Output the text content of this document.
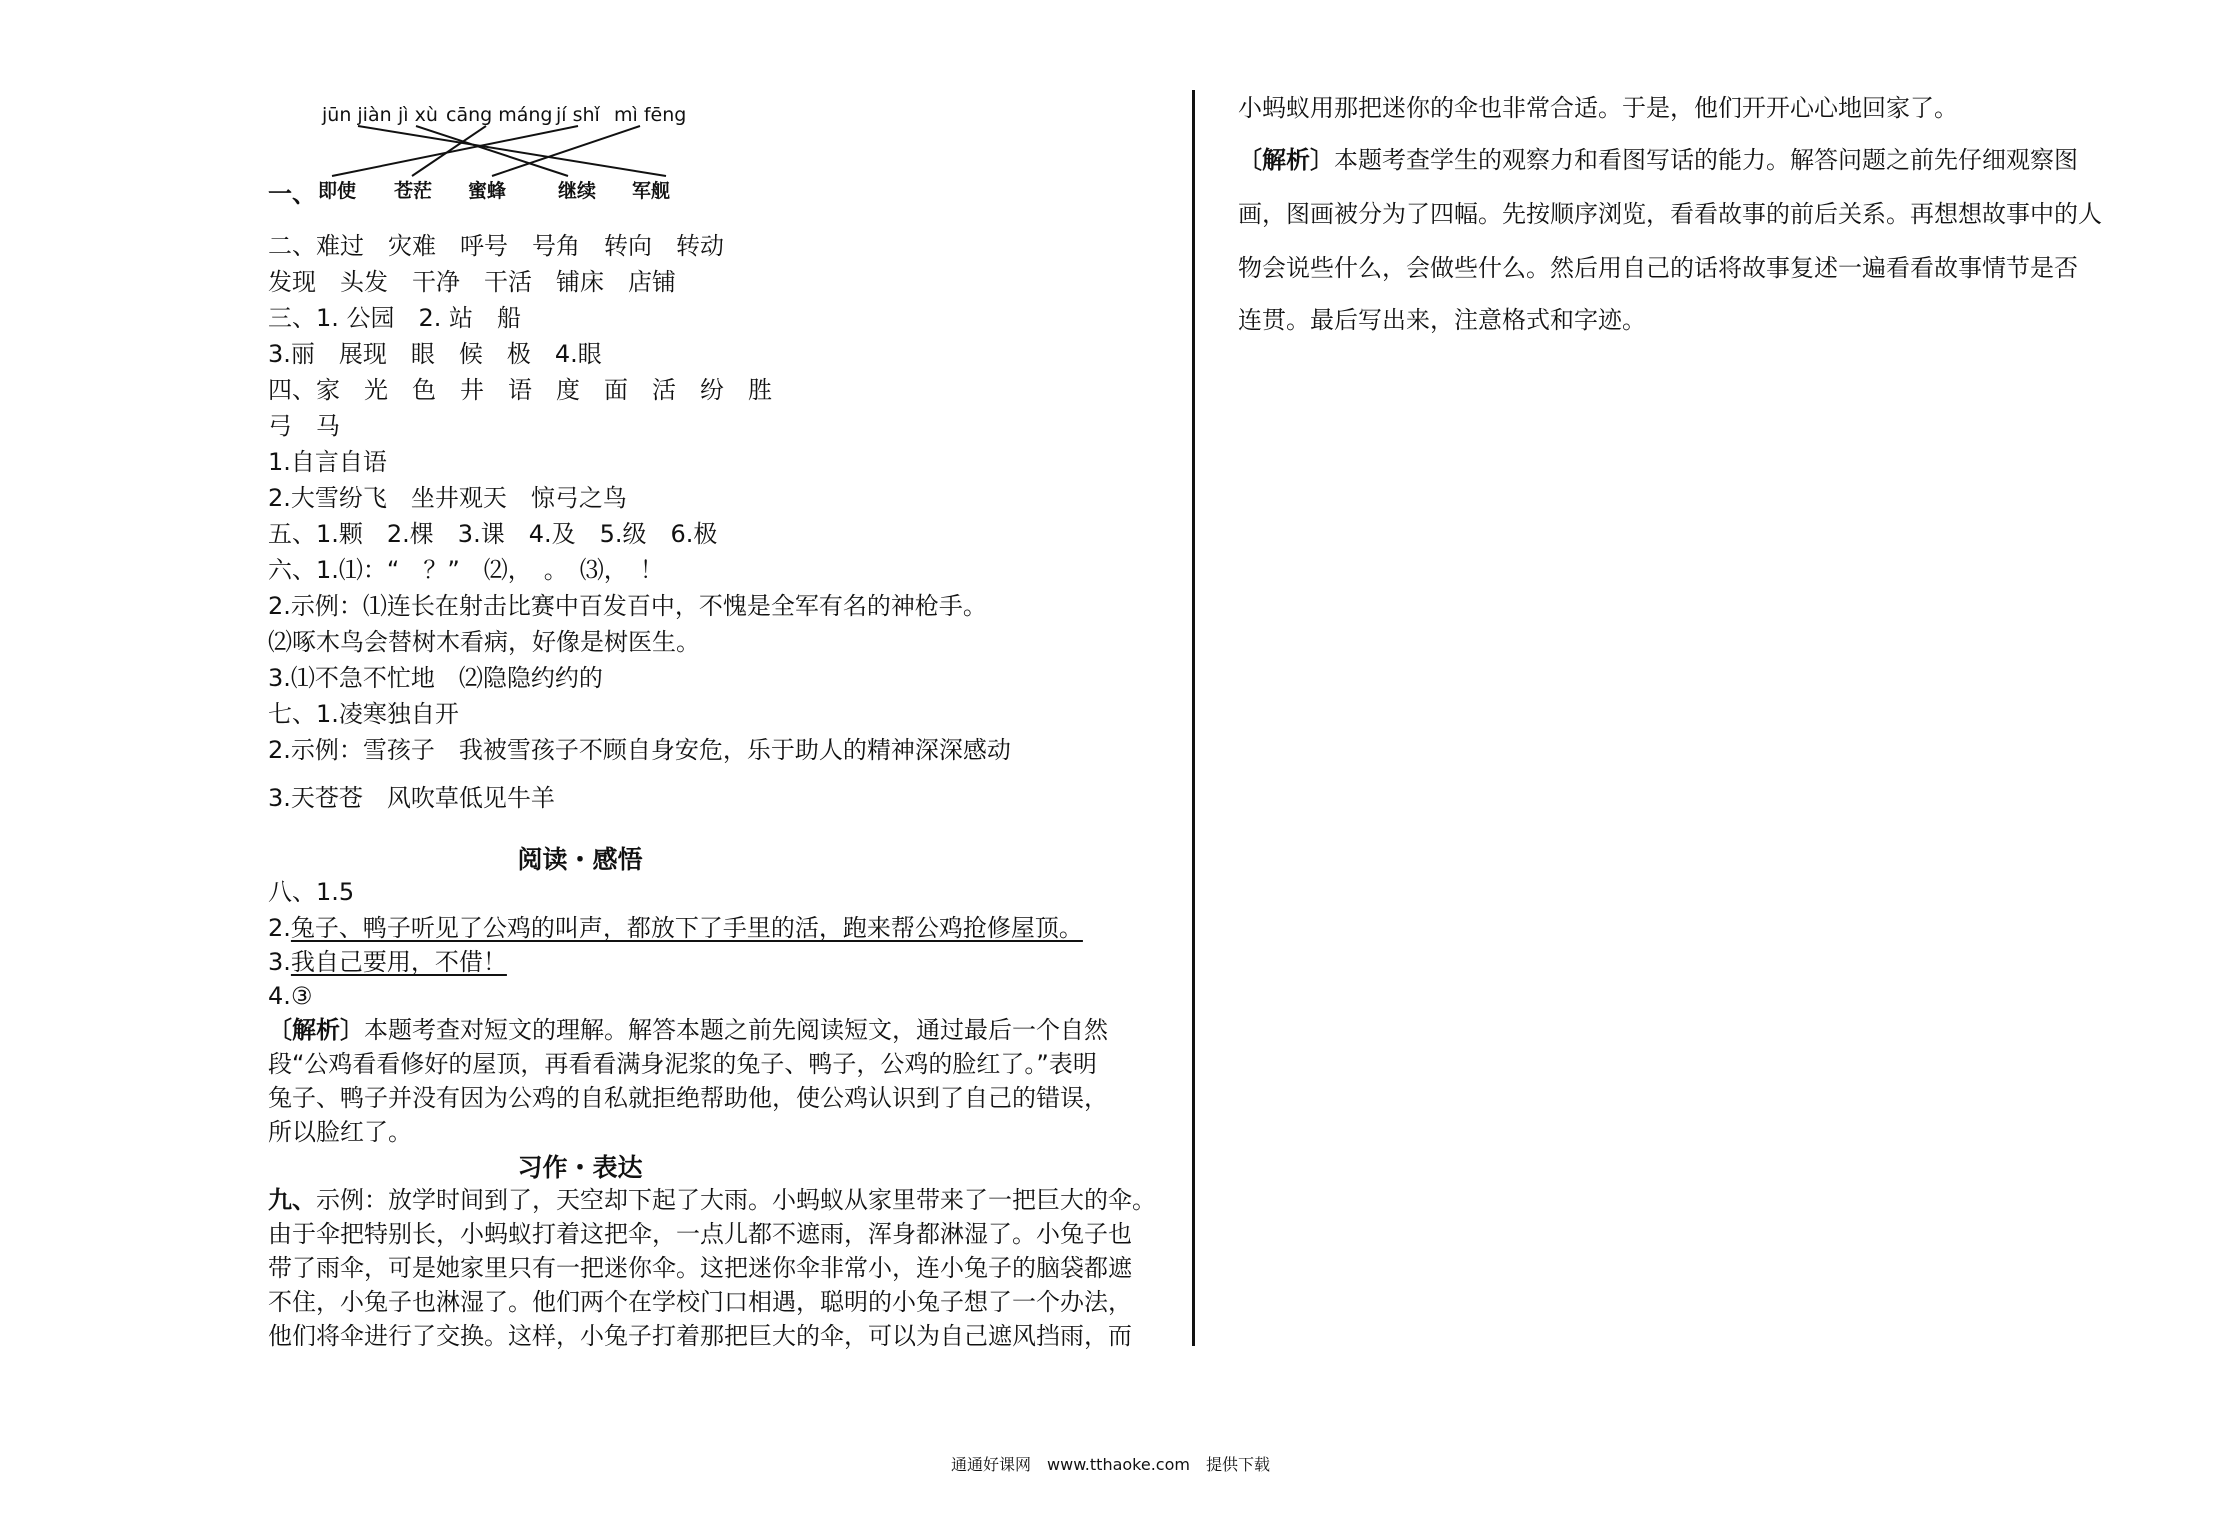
jūn jiàn jì xù cāng máng jí shǐ mì fēng
一、 即使 苍茫 蜜蜂	继续 军舰
二、难过　灾难　呼号　号角　转向　转动
发现　头发　干净　干活　铺床　店铺
三、1. 公园　2. 站　船
3.丽　展现　眼　候　极　4.眼
四、家　光　色　井　语　度　面　活　纷　胜
弓　马
1.自言自语
2.大雪纷飞　坐井观天　惊弓之鸟
五、1.颗　2.棵　3.课　4.及　5.级　6.极
六、1.⑴：“　？”　⑵，　。　⑶，　！
2.示例：⑴连长在射击比赛中百发百中，不愧是全军有名的神枪手。
⑵啄木鸟会替树木看病，好像是树医生。
3.⑴不急不忙地　⑵隐隐约约的
七、1.凌寒独自开
2.示例：雪孩子　我被雪孩子不顾自身安危，乐于助人的精神深深感动
3.天苍苍　风吹草低见牛羊
阅读・感悟
八、1.5
2.兔子、鸭子听见了公鸡的叫声，都放下了手里的活，跑来帮公鸡抢修屋顶。
3.我自己要用，不借！
4.③
〔解析〕本题考查对短文的理解。解答本题之前先阅读短文，通过最后一个自然
段“公鸡看看修好的屋顶，再看看满身泥浆的兔子、鸭子，公鸡的脸红了。”表明
兔子、鸭子并没有因为公鸡的自私就拒绝帮助他，使公鸡认识到了自己的错误，
所以脸红了。
习作・表达
九、示例：放学时间到了，天空却下起了大雨。小蚂蚁从家里带来了一把巨大的伞。
由于伞把特别长，小蚂蚁打着这把伞，一点儿都不遮雨，浑身都淋湿了。小兔子也
带了雨伞，可是她家里只有一把迷你伞。这把迷你伞非常小，连小兔子的脑袋都遮
不住，小兔子也淋湿了。他们两个在学校门口相遇，聪明的小兔子想了一个办法，
他们将伞进行了交换。这样，小兔子打着那把巨大的伞，可以为自己遮风挡雨，而
小蚂蚁用那把迷你的伞也非常合适。于是，他们开开心心地回家了。
〔解析〕本题考查学生的观察力和看图写话的能力。解答问题之前先仔细观察图
画，图画被分为了四幅。先按顺序浏览，看看故事的前后关系。再想想故事中的人
物会说些什么，会做些什么。然后用自己的话将故事复述一遍看看故事情节是否
连贯。最后写出来，注意格式和字迹。
通通好课网　www.tthaoke.com　提供下载
